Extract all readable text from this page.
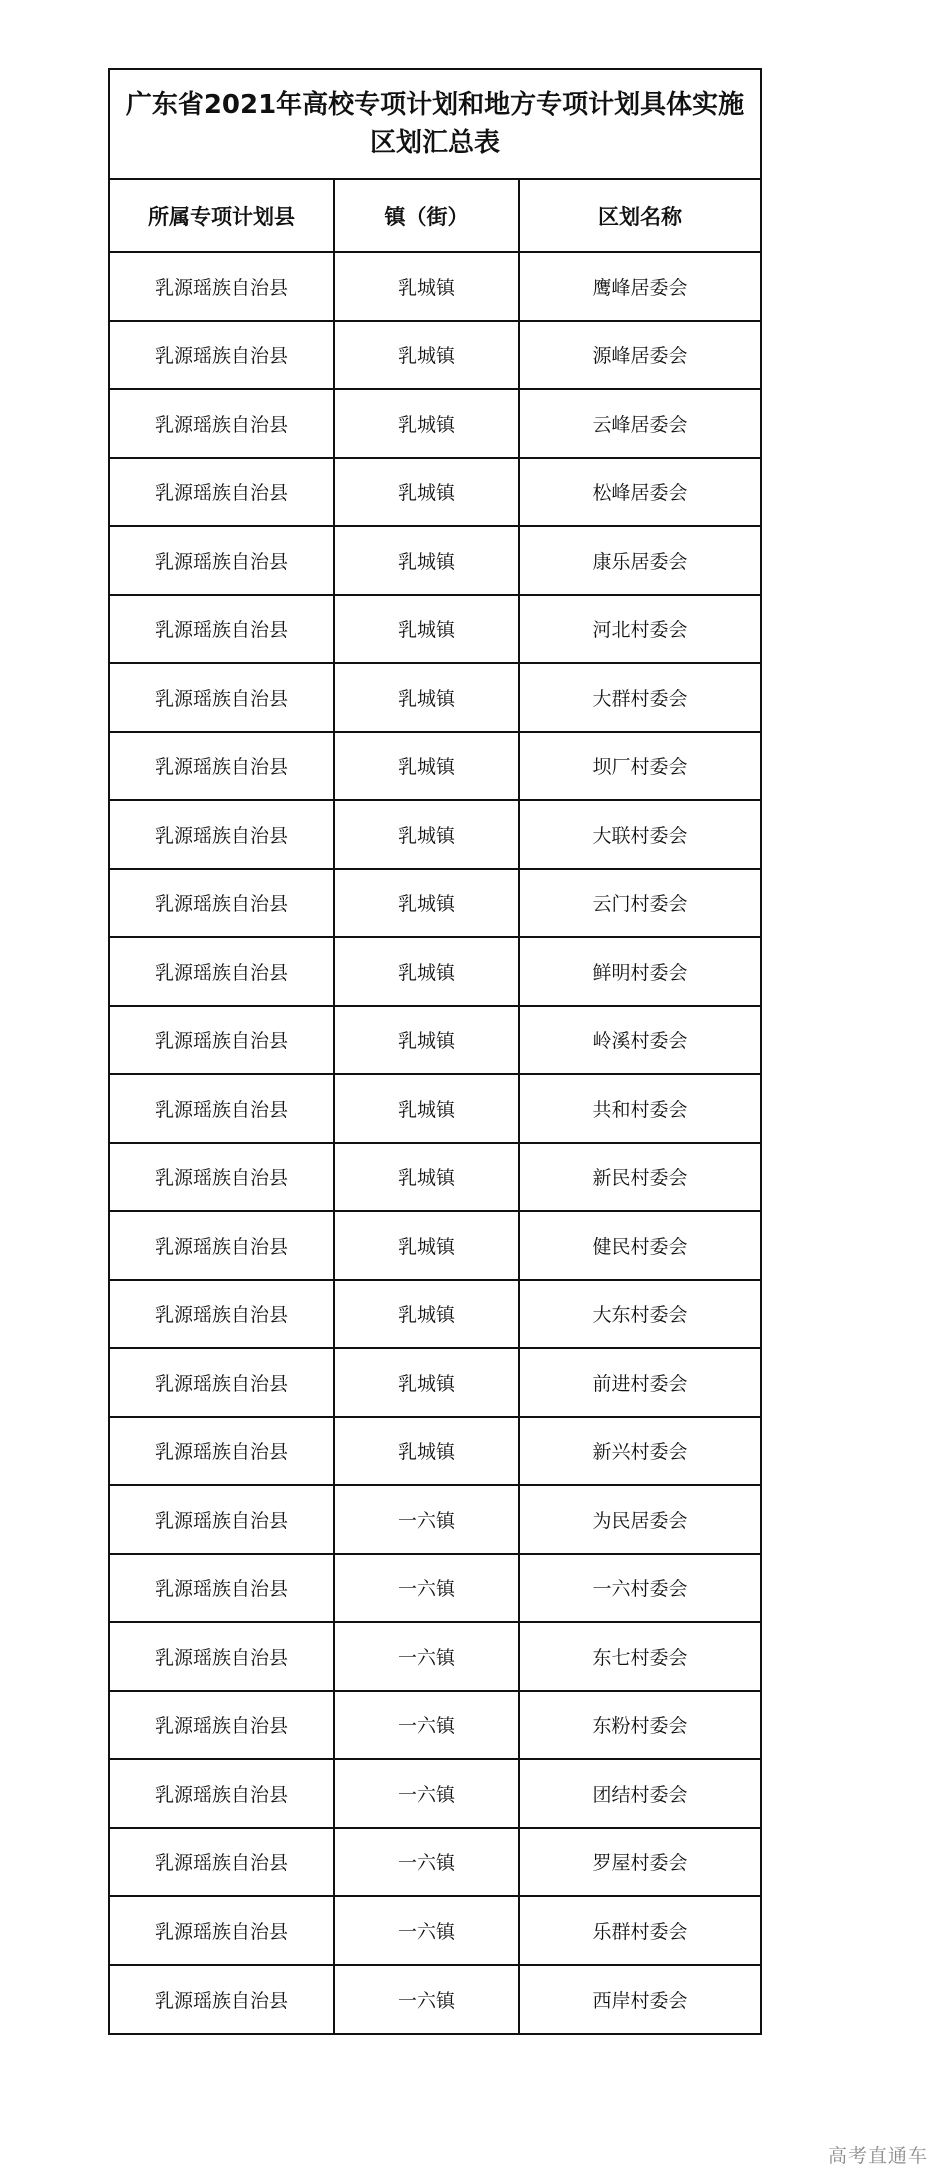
广东省2021年高校专项计划和地方专项计划具体实施区划汇总表
所属专项计划县	镇（街）	区划名称
乳源瑶族自治县	乳城镇	鹰峰居委会
乳源瑶族自治县	乳城镇	源峰居委会
乳源瑶族自治县	乳城镇	云峰居委会
乳源瑶族自治县	乳城镇	松峰居委会
乳源瑶族自治县	乳城镇	康乐居委会
乳源瑶族自治县	乳城镇	河北村委会
乳源瑶族自治县	乳城镇	大群村委会
乳源瑶族自治县	乳城镇	坝厂村委会
乳源瑶族自治县	乳城镇	大联村委会
乳源瑶族自治县	乳城镇	云门村委会
乳源瑶族自治县	乳城镇	鲜明村委会
乳源瑶族自治县	乳城镇	岭溪村委会
乳源瑶族自治县	乳城镇	共和村委会
乳源瑶族自治县	乳城镇	新民村委会
乳源瑶族自治县	乳城镇	健民村委会
乳源瑶族自治县	乳城镇	大东村委会
乳源瑶族自治县	乳城镇	前进村委会
乳源瑶族自治县	乳城镇	新兴村委会
乳源瑶族自治县	一六镇	为民居委会
乳源瑶族自治县	一六镇	一六村委会
乳源瑶族自治县	一六镇	东七村委会
乳源瑶族自治县	一六镇	东粉村委会
乳源瑶族自治县	一六镇	团结村委会
乳源瑶族自治县	一六镇	罗屋村委会
乳源瑶族自治县	一六镇	乐群村委会
乳源瑶族自治县	一六镇	西岸村委会
高考直通车
